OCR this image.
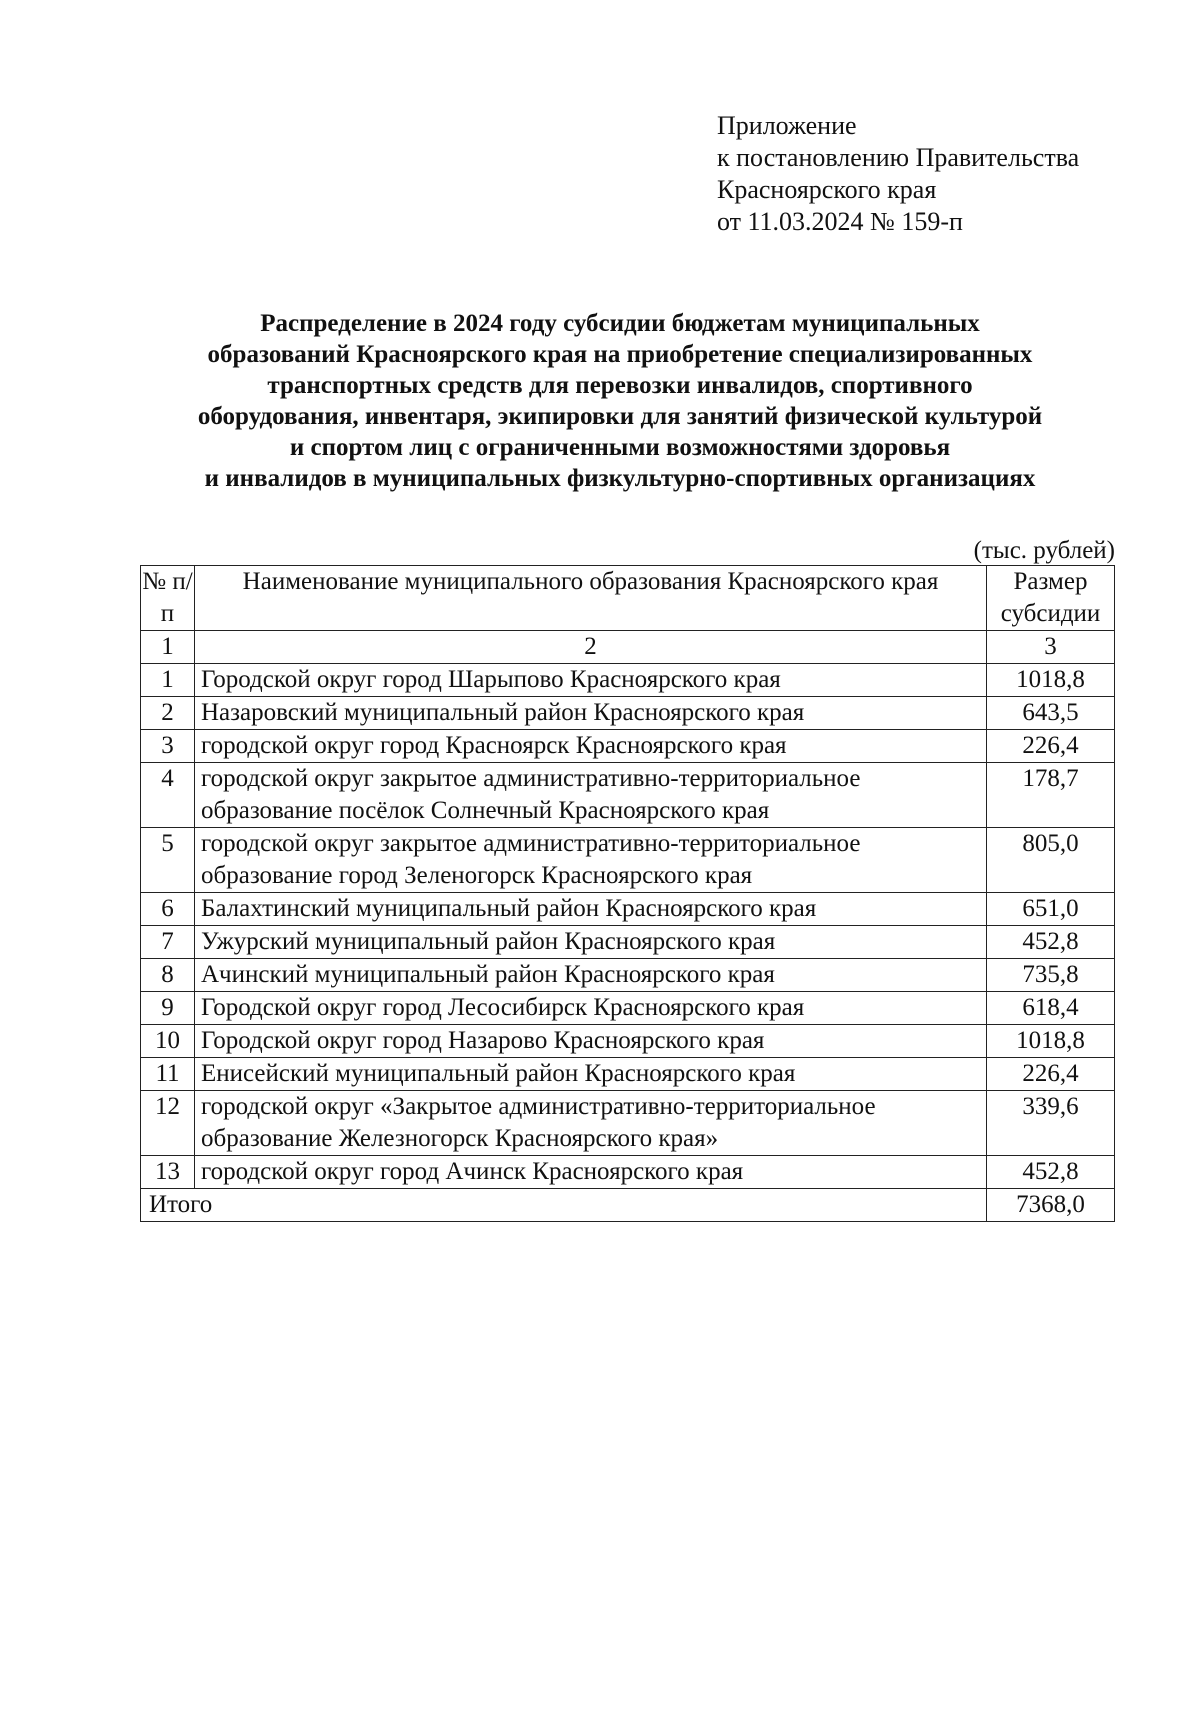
Приложение
к постановлению Правительства
Красноярского края
от 11.03.2024 № 159-п
Распределение в 2024 году субсидии бюджетам муниципальных
образований Красноярского края на приобретение специализированных
транспортных средств для перевозки инвалидов, спортивного
оборудования, инвентаря, экипировки для занятий физической культурой
и спортом лиц с ограниченными возможностями здоровья
и инвалидов в муниципальных физкультурно-спортивных организациях
(тыс. рублей)
№ п/п	Наименование муниципального образования Красноярского края	Размер субсидии
1	2	3
1	Городской округ город Шарыпово Красноярского края	1018,8
2	Назаровский муниципальный район Красноярского края	643,5
3	городской округ город Красноярск Красноярского края	226,4
4	городской округ закрытое административно-территориальное образование посёлок Солнечный Красноярского края	178,7
5	городской округ закрытое административно-территориальное образование город Зеленогорск Красноярского края	805,0
6	Балахтинский муниципальный район Красноярского края	651,0
7	Ужурский муниципальный район Красноярского края	452,8
8	Ачинский муниципальный район Красноярского края	735,8
9	Городской округ город Лесосибирск Красноярского края	618,4
10	Городской округ город Назарово Красноярского края	1018,8
11	Енисейский муниципальный район Красноярского края	226,4
12	городской округ «Закрытое административно-территориальное образование Железногорск Красноярского края»	339,6
13	городской округ город Ачинск Красноярского края	452,8
Итого		7368,0
